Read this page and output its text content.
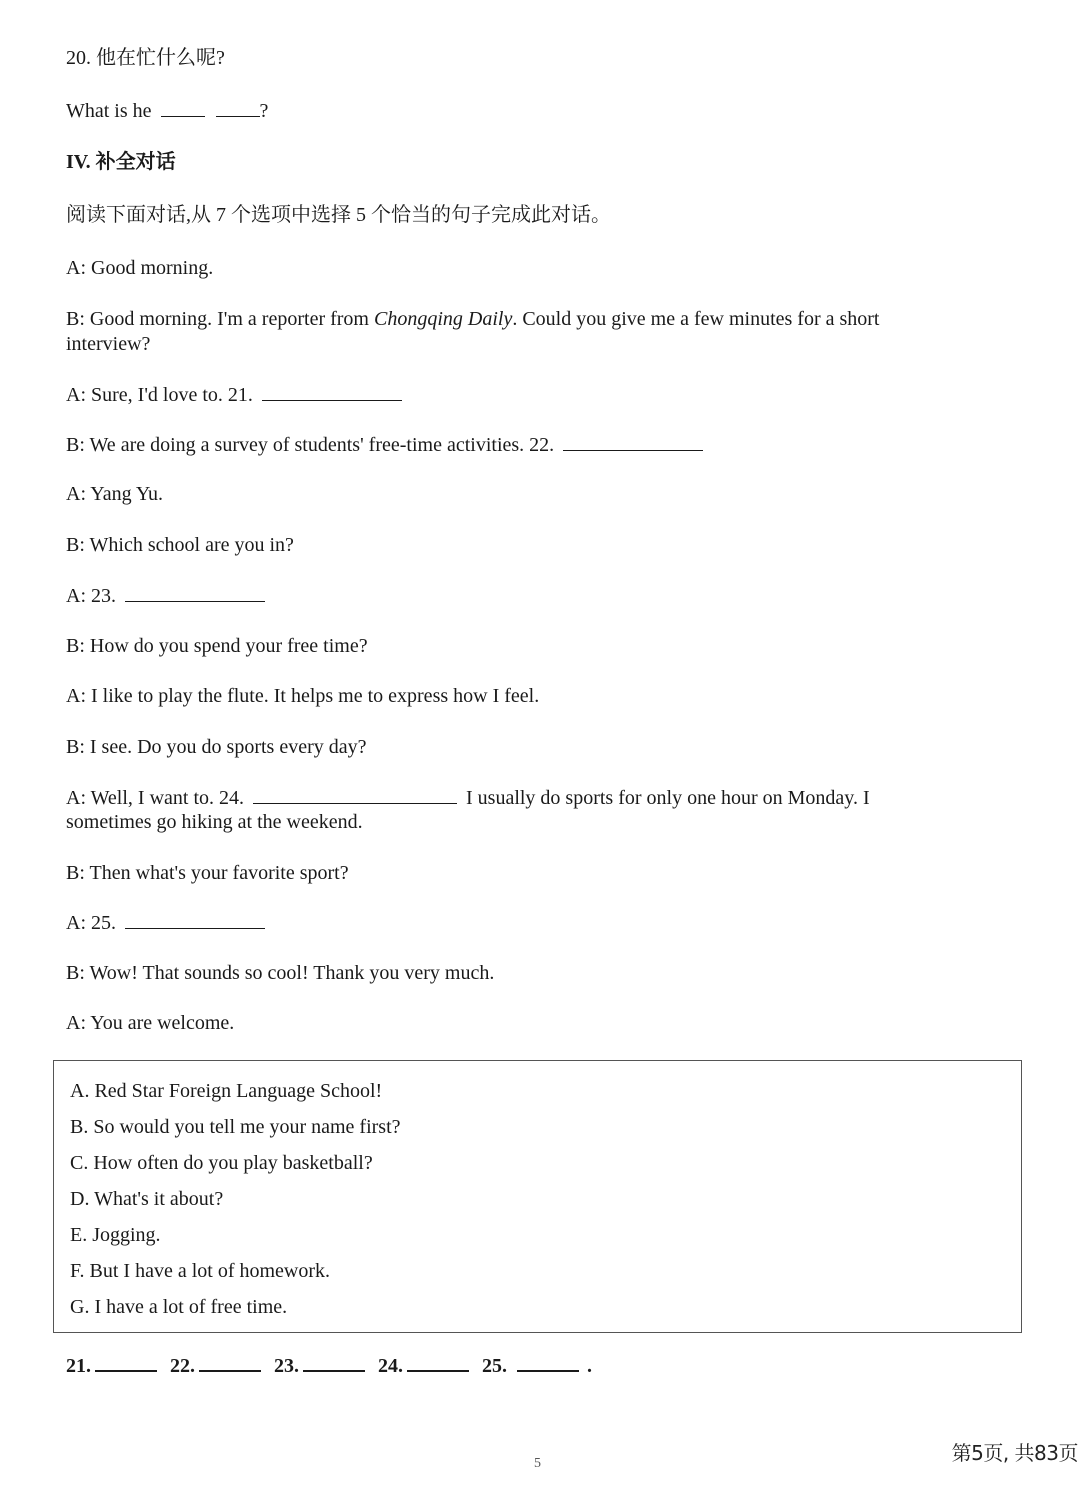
20. 他在忙什么呢?
What is he	?
IV. 补全对话
阅读下面对话,从 7 个选项中选择 5 个恰当的句子完成此对话。
A: Good morning.
B: Good morning. I'm a reporter from Chongqing Daily. Could you give me a few minutes for a short interview?
A: Sure, I'd love to. 21.
B: We are doing a survey of students' free-time activities. 22.
A: Yang Yu.
B: Which school are you in?
A: 23.
B: How do you spend your free time?
A: I like to play the flute. It helps me to express how I feel.
B: I see. Do you do sports every day?
A: Well, I want to. 24.	I usually do sports for only one hour on Monday. I
sometimes go hiking at the weekend.
B: Then what's your favorite sport?
A: 25.
B: Wow! That sounds so cool! Thank you very much.
A: You are welcome.
A. Red Star Foreign Language School!
B. So would you tell me your name first?
C. How often do you play basketball?
D. What's it about?
E. Jogging.
F. But I have a lot of homework.
G. I have a lot of free time.
21.	22.	23.	24.	25.	.
5	第5页, 共83页
